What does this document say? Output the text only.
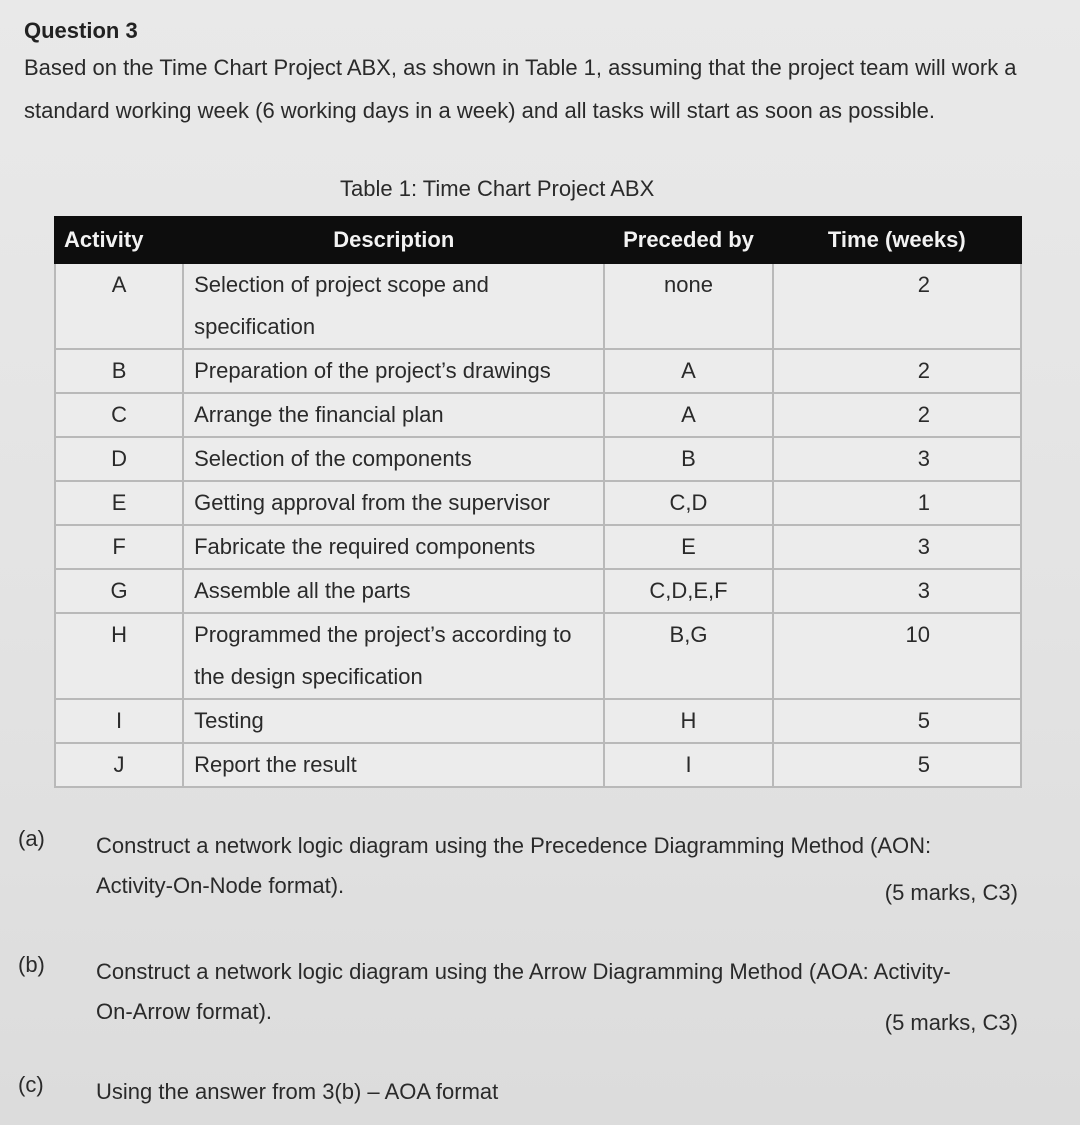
Question 3
Based on the Time Chart Project ABX, as shown in Table 1, assuming that the project team will work a standard working week (6 working days in a week) and all tasks will start as soon as possible.
Table 1: Time Chart Project ABX
Activity	Description	Preceded by	Time (weeks)
A	Selection of project scope and
specification	none	2
B	Preparation of the project’s drawings	A	2
C	Arrange the financial plan	A	2
D	Selection of the components	B	3
E	Getting approval from the supervisor	C,D	1
F	Fabricate the required components	E	3
G	Assemble all the parts	C,D,E,F	3
H	Programmed the project’s according to
the design specification	B,G	10
I	Testing	H	5
J	Report the result	I	5
(a) Construct a network logic diagram using the Precedence Diagramming Method (AON: Activity-On-Node format).	(5 marks, C3)
(b) Construct a network logic diagram using the Arrow Diagramming Method (AOA: Activity-On-Arrow format).	(5 marks, C3)
(c) Using the answer from 3(b) – AOA format
